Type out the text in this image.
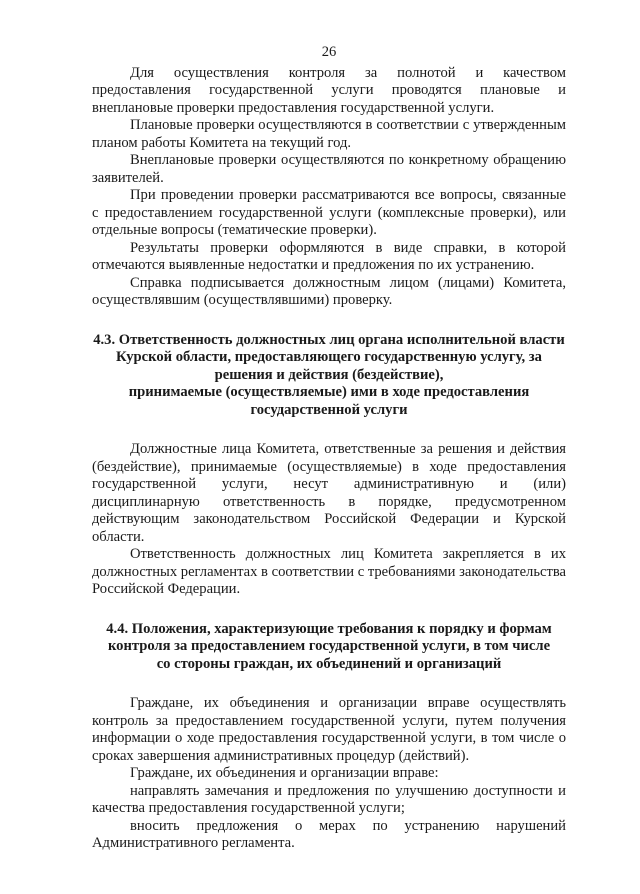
26

Для осуществления контроля за полнотой и качеством предоставления государственной услуги проводятся плановые и внеплановые проверки предоставления государственной услуги.

Плановые проверки осуществляются в соответствии с утвержденным планом работы Комитета на текущий год.

Внеплановые проверки осуществляются по конкретному обращению заявителей.

При проведении проверки рассматриваются все вопросы, связанные с предоставлением государственной услуги (комплексные проверки), или отдельные вопросы (тематические проверки).

Результаты проверки оформляются в виде справки, в которой отмечаются выявленные недостатки и предложения по их устранению.

Справка подписывается должностным лицом (лицами) Комитета, осуществлявшим (осуществлявшими) проверку.

4.3. Ответственность должностных лиц органа исполнительной власти
Курской области, предоставляющего государственную услугу, за
решения и действия (бездействие),
принимаемые (осуществляемые) ими в ходе предоставления
государственной услуги

Должностные лица Комитета, ответственные за решения и действия (бездействие), принимаемые (осуществляемые) в ходе предоставления государственной услуги, несут административную и (или) дисциплинарную ответственность в порядке, предусмотренном действующим законодательством Российской Федерации и Курской области.

Ответственность должностных лиц Комитета закрепляется в их должностных регламентах в соответствии с требованиями законодательства Российской Федерации.

4.4. Положения, характеризующие требования к порядку и формам
контроля за предоставлением государственной услуги, в том числе
со стороны граждан, их объединений и организаций

Граждане, их объединения и организации вправе осуществлять контроль за предоставлением государственной услуги, путем получения информации о ходе предоставления государственной услуги, в том числе о сроках завершения административных процедур (действий).

Граждане, их объединения и организации вправе:

направлять замечания и предложения по улучшению доступности и качества предоставления государственной услуги;

вносить предложения о мерах по устранению нарушений Административного регламента.
